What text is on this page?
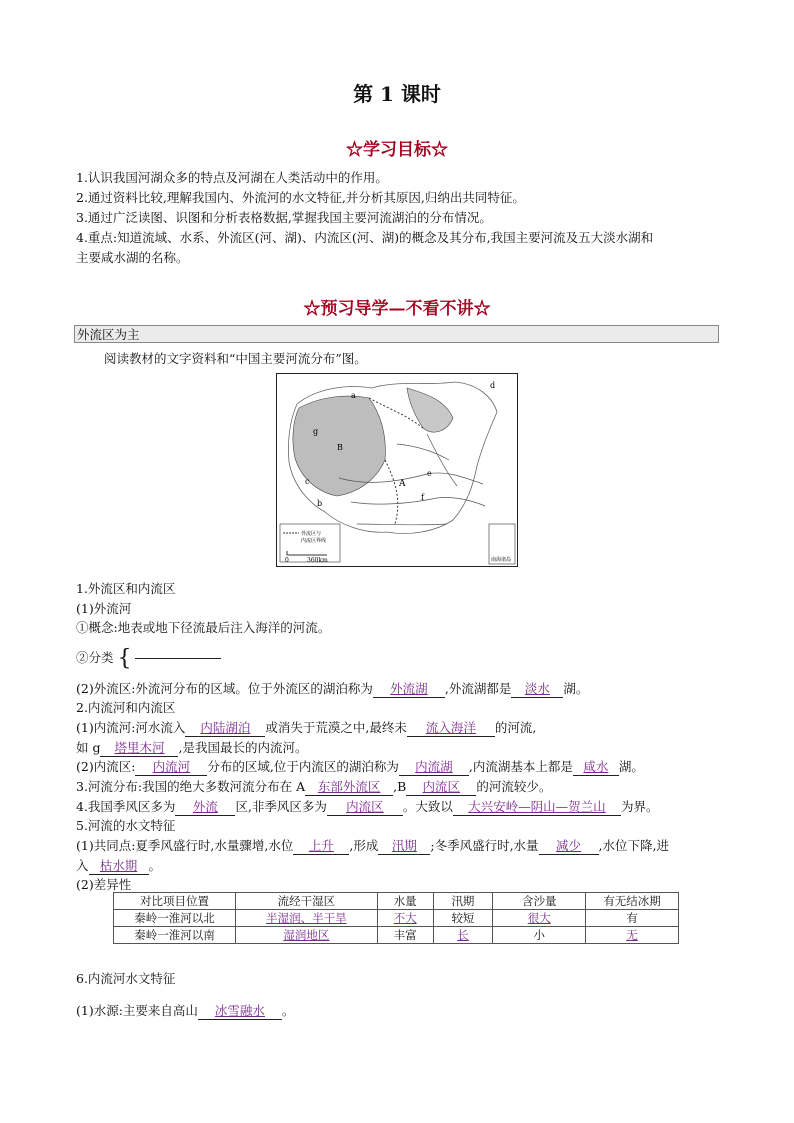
第 1 课时
☆学习目标☆
1.认识我国河湖众多的特点及河湖在人类活动中的作用。
2.通过资料比较,理解我国内、外流河的水文特征,并分析其原因,归纳出共同特征。
3.通过广泛读图、识图和分析表格数据,掌握我国主要河流湖泊的分布情况。
4.重点:知道流域、水系、外流区(河、湖)、内流区(河、湖)的概念及其分布,我国主要河流及五大淡水湖和
主要咸水湖的名称。
☆预习导学—不看不讲☆
外流区为主
阅读教材的文字资料和“中国主要河流分布”图。
a
d
g
B
A
c
e
f
b
外流区与
内流区界线
0	360km	南海诸岛
1.外流区和内流区
(1)外流河
①概念:地表或地下径流最后注入海洋的河流。
②分类 {
(2)外流区:外流河分布的区域。位于外流区的湖泊称为 外流湖 ,外流湖都是 淡水 湖。
2.内流河和内流区
(1)内流河:河水流入 内陆湖泊 或消失于荒漠之中,最终未 流入海洋 的河流,
如 g 塔里木河 ,是我国最长的内流河。
(2)内流区: 内流河 分布的区域,位于内流区的湖泊称为 内流湖 ,内流湖基本上都是 咸水 湖。
3.河流分布:我国的绝大多数河流分布在 A 东部外流区 ,B 内流区 的河流较少。
4.我国季风区多为 外流 区,非季风区多为 内流区 。大致以 大兴安岭—阴山—贺兰山 为界。
5.河流的水文特征
(1)共同点:夏季风盛行时,水量骤增,水位 上升 ,形成 汛期 ;冬季风盛行时,水量 减少 ,水位下降,进
入 枯水期 。
(2)差异性
对比项目位置	流经干湿区	水量	汛期	含沙量	有无结冰期
秦岭一淮河以北	半湿润、半干旱	不大	较短	很大	有
秦岭一淮河以南	湿润地区	丰富	长	小	无
6.内流河水文特征
(1)水源:主要来自高山 冰雪融水 。
